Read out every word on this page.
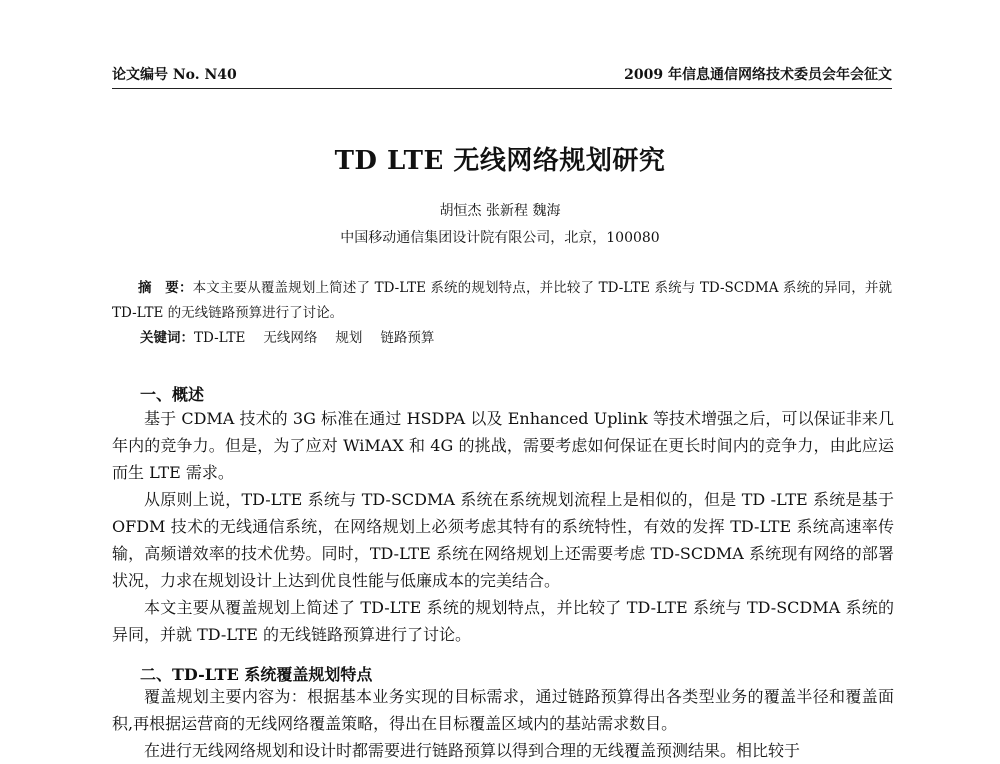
论文编号 No. N40	2009 年信息通信网络技术委员会年会征文
TD LTE 无线网络规划研究
胡恒杰 张新程 魏海
中国移动通信集团设计院有限公司，北京，100080
摘　要：本文主要从覆盖规划上简述了 TD-LTE 系统的规划特点，并比较了 TD-LTE 系统与 TD-SCDMA 系统的异同，并就 TD-LTE 的无线链路预算进行了讨论。
关键词：TD-LTE 无线网络 规划 链路预算
一、概述

基于 CDMA 技术的 3G 标准在通过 HSDPA 以及 Enhanced Uplink 等技术增强之后，可以保证非来几年内的竞争力。但是，为了应对 WiMAX 和 4G 的挑战，需要考虑如何保证在更长时间内的竞争力，由此应运而生 LTE 需求。

从原则上说，TD-LTE 系统与 TD-SCDMA 系统在系统规划流程上是相似的，但是 TD -LTE 系统是基于 OFDM 技术的无线通信系统，在网络规划上必须考虑其特有的系统特性，有效的发挥 TD-LTE 系统高速率传输，高频谱效率的技术优势。同时，TD-LTE 系统在网络规划上还需要考虑 TD-SCDMA 系统现有网络的部署状况，力求在规划设计上达到优良性能与低廉成本的完美结合。

本文主要从覆盖规划上简述了 TD-LTE 系统的规划特点，并比较了 TD-LTE 系统与 TD-SCDMA 系统的异同，并就 TD-LTE 的无线链路预算进行了讨论。

二、TD-LTE 系统覆盖规划特点

覆盖规划主要内容为：根据基本业务实现的目标需求，通过链路预算得出各类型业务的覆盖半径和覆盖面积,再根据运营商的无线网络覆盖策略，得出在目标覆盖区域内的基站需求数目。

在进行无线网络规划和设计时都需要进行链路预算以得到合理的无线覆盖预测结果。相比较于
